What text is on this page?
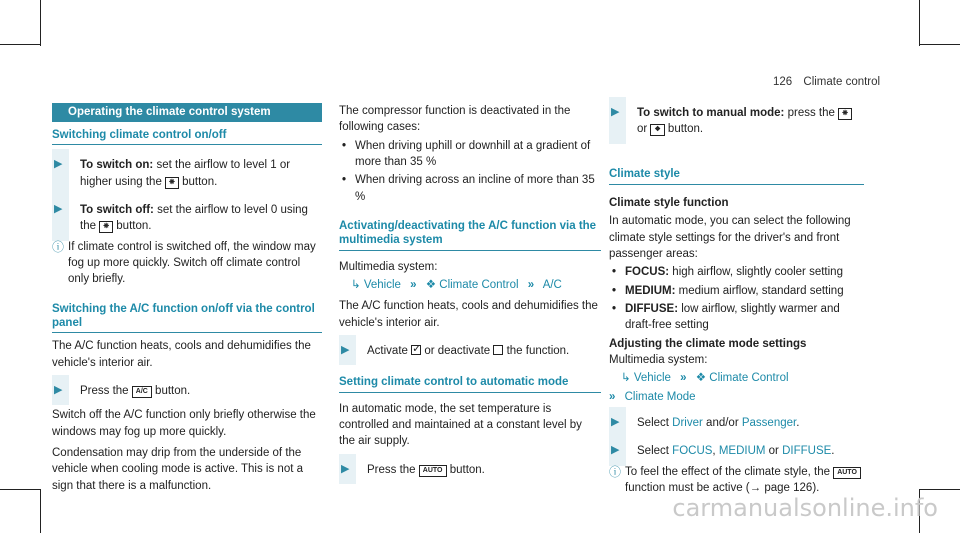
126 Climate control
Operating the climate control system
Switching climate control on/off
▶ To switch on: set the airflow to level 1 or higher using the ❋ button.
▶ To switch off: set the airflow to level 0 using the ❋ button.
ⓘ If climate control is switched off, the window may fog up more quickly. Switch off climate control only briefly.
Switching the A/C function on/off via the control panel

The A/C function heats, cools and dehumidifies the vehicle's interior air.

▶ Press the A/C button.

Switch off the A/C function only briefly otherwise the windows may fog up more quickly.

Condensation may drip from the underside of the vehicle when cooling mode is active. This is not a sign that there is a malfunction.

The compressor function is deactivated in the following cases:

• When driving uphill or downhill at a gradient of more than 35 %
• When driving across an incline of more than 35 %
Activating/deactivating the A/C function via the multimedia system

Multimedia system:

↳ Vehicle » ❖ Climate Control » A/C

The A/C function heats, cools and dehumidifies the vehicle's interior air.

▶ Activate ✓ or deactivate the function.
Setting climate control to automatic mode

In automatic mode, the set temperature is controlled and maintained at a constant level by the air supply.

▶ Press the AUTO button.
▶ To switch to manual mode: press the ❋ or ❖ button.
Climate style
Climate style function

In automatic mode, you can select the following climate style settings for the driver's and front passenger areas:

• FOCUS: high airflow, slightly cooler setting
• MEDIUM: medium airflow, standard setting
• DIFFUSE: low airflow, slightly warmer and draft-free setting
Adjusting the climate mode settings

Multimedia system:

↳ Vehicle » ❖ Climate Control
» Climate Mode
▶ Select Driver and/or Passenger.
▶ Select FOCUS, MEDIUM or DIFFUSE.
ⓘ To feel the effect of the climate style, the AUTO function must be active (→ page 126).
carmanualsonline.info
